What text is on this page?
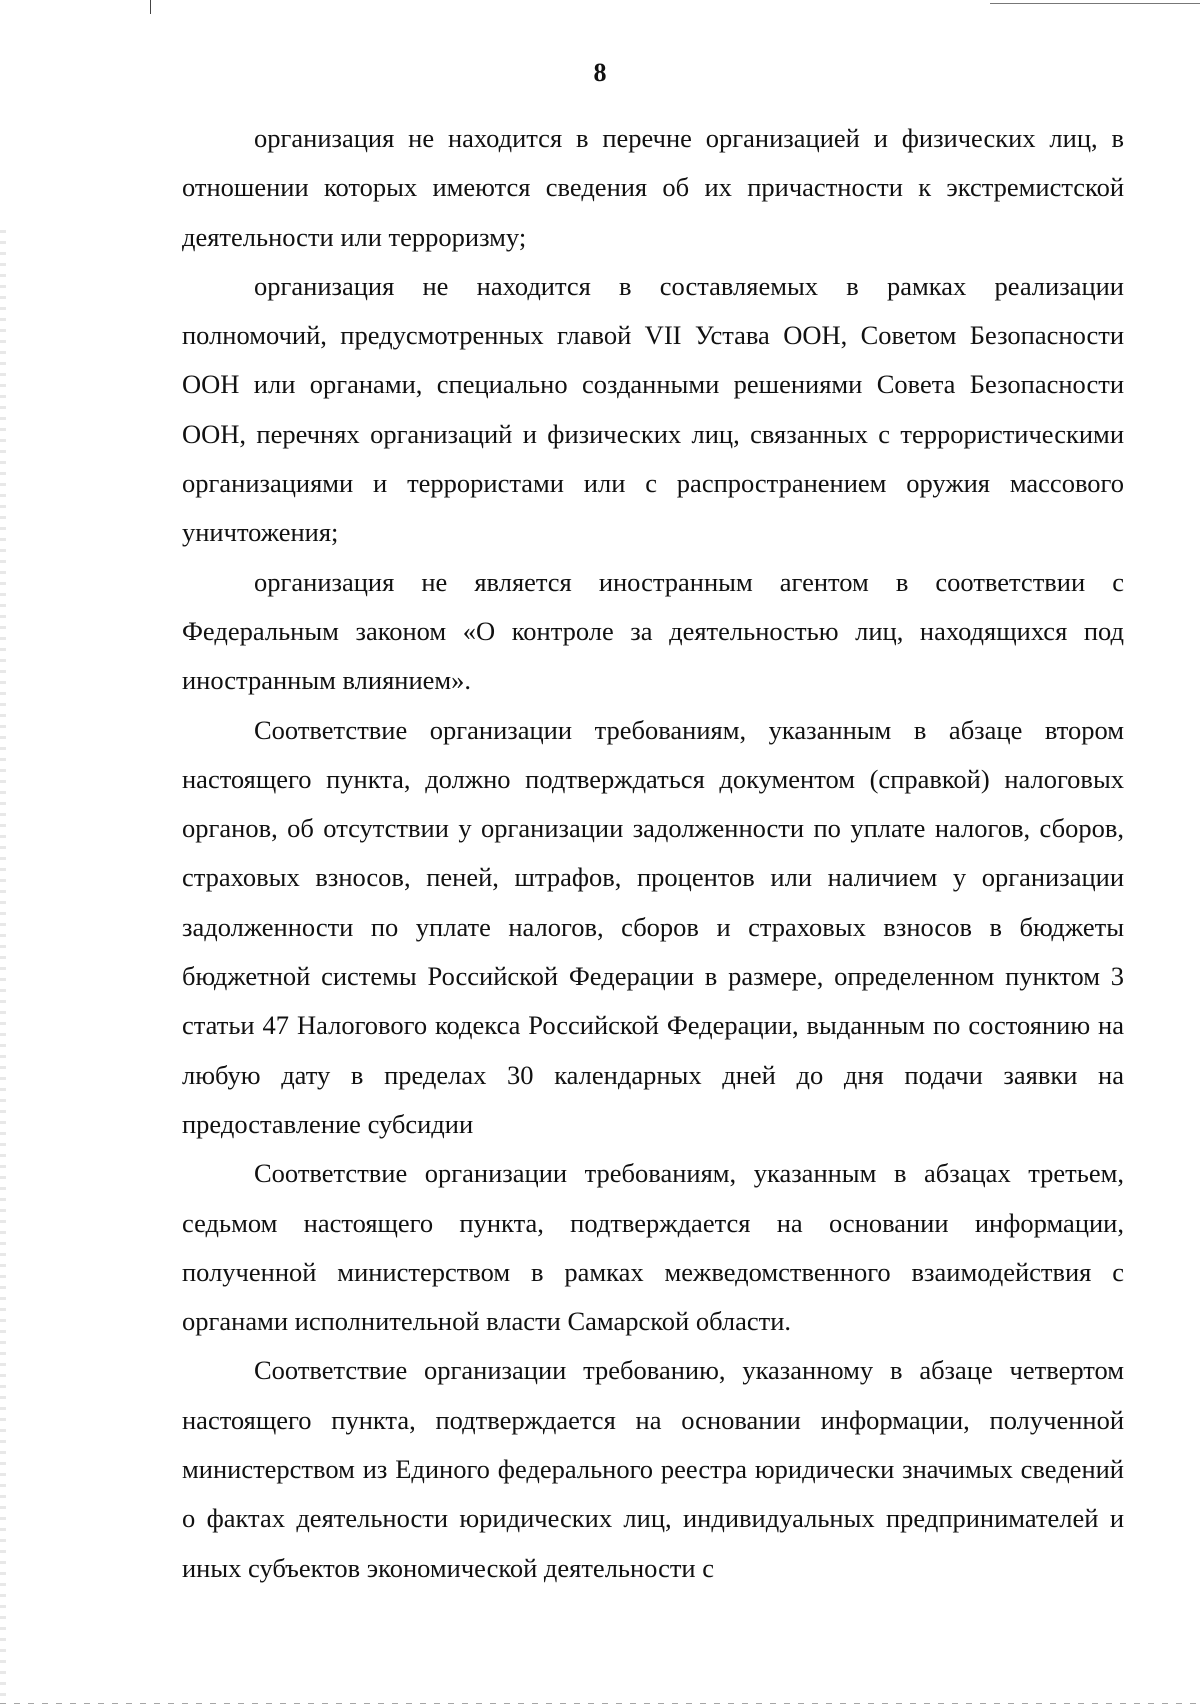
8

организация не находится в перечне организацией и физических лиц, в отношении которых имеются сведения об их причастности к экстремистской деятельности или терроризму;

организация не находится в составляемых в рамках реализации полномочий, предусмотренных главой VII Устава ООН, Советом Безопасности ООН или органами, специально созданными решениями Совета Безопасности ООН, перечнях организаций и физических лиц, связанных с террористическими организациями и террористами или с распространением оружия массового уничтожения;

организация не является иностранным агентом в соответствии с Федеральным законом «О контроле за деятельностью лиц, находящихся под иностранным влиянием».

Соответствие организации требованиям, указанным в абзаце втором настоящего пункта, должно подтверждаться документом (справкой) налоговых органов, об отсутствии у организации задолженности по уплате налогов, сборов, страховых взносов, пеней, штрафов, процентов или наличием у организации задолженности по уплате налогов, сборов и страховых взносов в бюджеты бюджетной системы Российской Федерации в размере, определенном пунктом 3 статьи 47 Налогового кодекса Российской Федерации, выданным по состоянию на любую дату в пределах 30 календарных дней до дня подачи заявки на предоставление субсидии

Соответствие организации требованиям, указанным в абзацах третьем, седьмом настоящего пункта, подтверждается на основании информации, полученной министерством в рамках межведомственного взаимодействия с органами исполнительной власти Самарской области.

Соответствие организации требованию, указанному в абзаце четвертом настоящего пункта, подтверждается на основании информации, полученной министерством из Единого федерального реестра юридически значимых сведений о фактах деятельности юридических лиц, индивидуальных предпринимателей и иных субъектов экономической деятельности с
